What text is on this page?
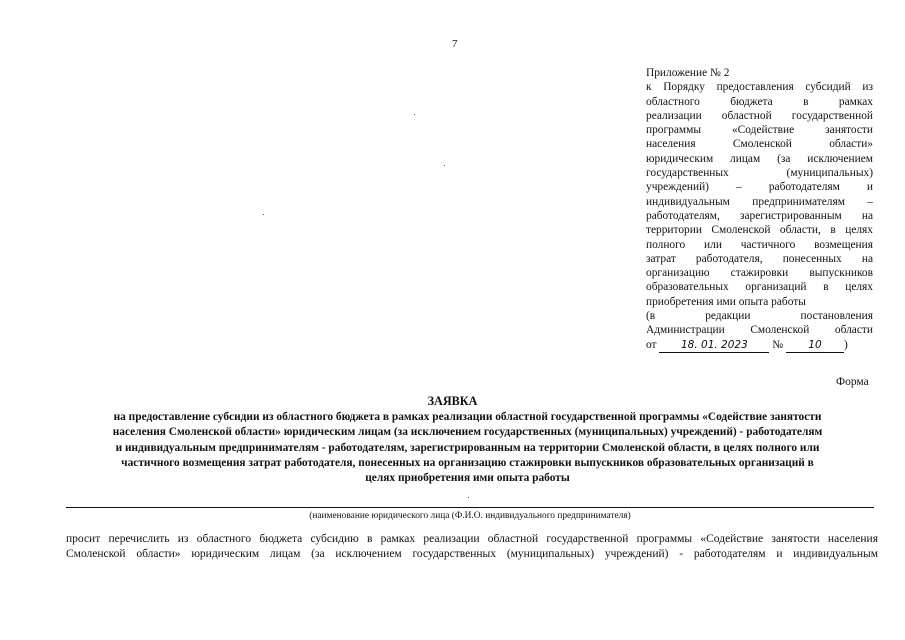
7
Приложение № 2
к Порядку предоставления субсидий из
областного бюджета в рамках
реализации областной государственной
программы «Содействие занятости
населения Смоленской области»
юридическим лицам (за исключением
государственных (муниципальных)
учреждений) – работодателям и
индивидуальным предпринимателям –
работодателям, зарегистрированным на
территории Смоленской области, в целях
полного или частичного возмещения
затрат работодателя, понесенных на
организацию стажировки выпускников
образовательных организаций в целях
приобретения ими опыта работы
(в редакции постановления
Администрации Смоленской области
от 18. 01. 2023 № 10 )
Форма
ЗАЯВКА
на предоставление субсидии из областного бюджета в рамках реализации областной государственной программы «Содействие занятости
населения Смоленской области» юридическим лицам (за исключением государственных (муниципальных) учреждений) - работодателям
и индивидуальным предпринимателям - работодателям, зарегистрированным на территории Смоленской области, в целях полного или
частичного возмещения затрат работодателя, понесенных на организацию стажировки выпускников образовательных организаций в
целях приобретения ими опыта работы
(наименование юридического лица (Ф.И.О. индивидуального предпринимателя)
просит перечислить из областного бюджета субсидию в рамках реализации областной государственной программы «Содействие занятости населения
Смоленской области» юридическим лицам (за исключением государственных (муниципальных) учреждений) - работодателям и индивидуальным
